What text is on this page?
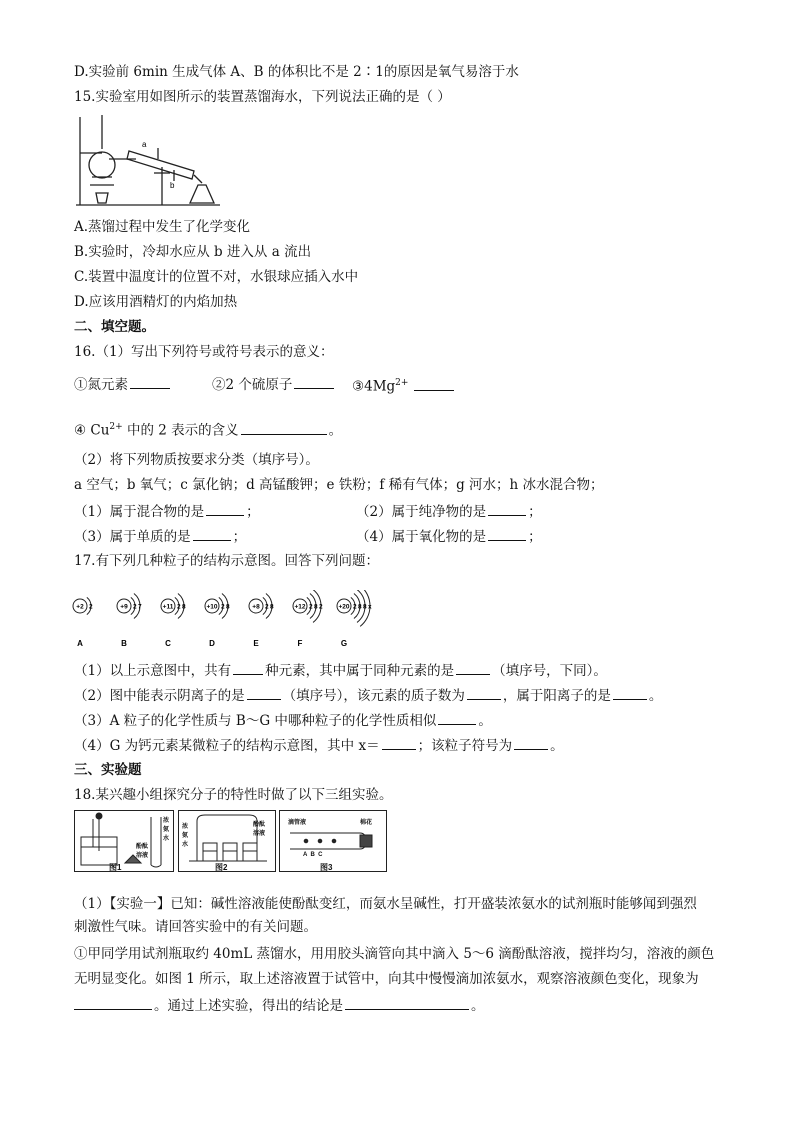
D.实验前 6min 生成气体 A、B 的体积比不是 2∶1的原因是氧气易溶于水
15.实验室用如图所示的装置蒸馏海水，下列说法正确的是（ ）
a
b
A.蒸馏过程中发生了化学变化
B.实验时，冷却水应从 b 进入从 a 流出
C.装置中温度计的位置不对，水银球应插入水中
D.应该用酒精灯的内焰加热
二、填空题。
16.（1）写出下列符号或符号表示的意义：
①氮元素	②2 个硫原子	$③4Mg^{2+}$
④ $Cu^{2+}$ 中的 2 表示的含义	。
（2）将下列物质按要求分类（填序号）。
a 空气；b 氧气；c 氯化钠；d 高锰酸钾；e 铁粉；f 稀有气体；g 河水；h 冰水混合物；
（1）属于混合物的是	；	（2）属于纯净物的是	；
（3）属于单质的是	；	（4）属于氧化物的是	；
17.有下列几种粒子的结构示意图。回答下列问题：
+2 2
A
+9 2 7
B
+11 2 8
C
+10 2 8
D
+8 2 8
E
+12 2 8 2
F
+20 2 8 8 x
G
（1）以上示意图中，共有	种元素，其中属于同种元素的是	（填序号，下同）。
（2）图中能表示阴离子的是	（填序号），该元素的质子数为	，属于阳离子的是	。
（3）A 粒子的化学性质与 B～G 中哪种粒子的化学性质相似	。
（4）G 为钙元素某微粒子的结构示意图，其中 x＝	；该粒子符号为	。
三、实验题
18.某兴趣小组探究分子的特性时做了以下三组实验。
图1
浓氨水
酚酞溶液
图2
浓氨水
酚酞溶液
滴管液	棉花
A  B  C
图3
（1）【实验一】已知：碱性溶液能使酚酞变红，而氨水呈碱性，打开盛装浓氨水的试剂瓶时能够闻到强烈
刺激性气味。请回答实验中的有关问题。
①甲同学用试剂瓶取约 40mL 蒸馏水，用用胶头滴管向其中滴入 5～6 滴酚酞溶液，搅拌均匀，溶液的颜色
无明显变化。如图 1 所示，取上述溶液置于试管中，向其中慢慢滴加浓氨水，观察溶液颜色变化，现象为
。通过上述实验，得出的结论是	。
